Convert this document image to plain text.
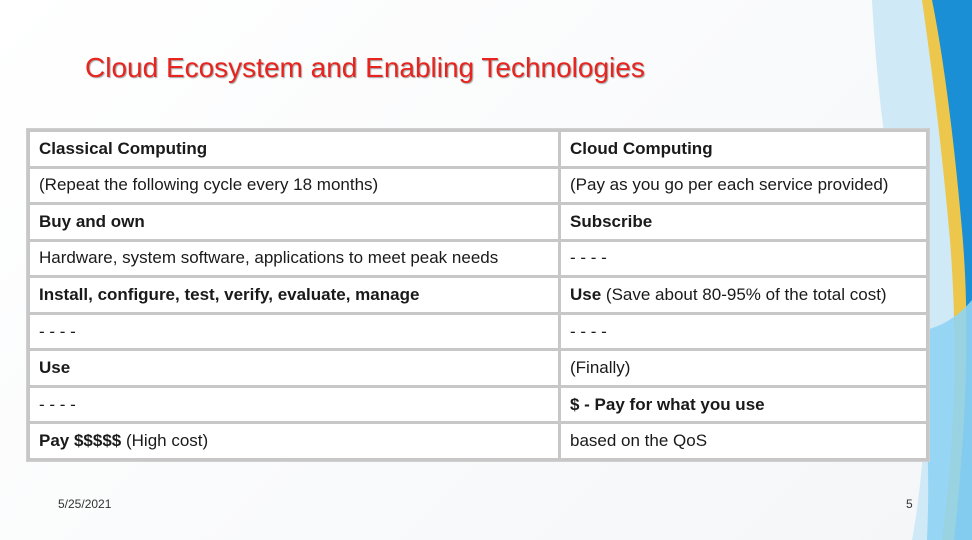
Cloud Ecosystem and Enabling Technologies
Classical Computing	Cloud Computing
(Repeat the following cycle every 18 months)	(Pay as you go per each service provided)
Buy and own	Subscribe
Hardware, system software, applications to meet peak needs	- - - -
Install, configure, test, verify, evaluate, manage	Use (Save about 80-95% of the total cost)
- - - -	- - - -
Use	(Finally)
- - - -	$ - Pay for what you use
Pay $$$$$ (High cost)	based on the QoS
5/25/2021	5
